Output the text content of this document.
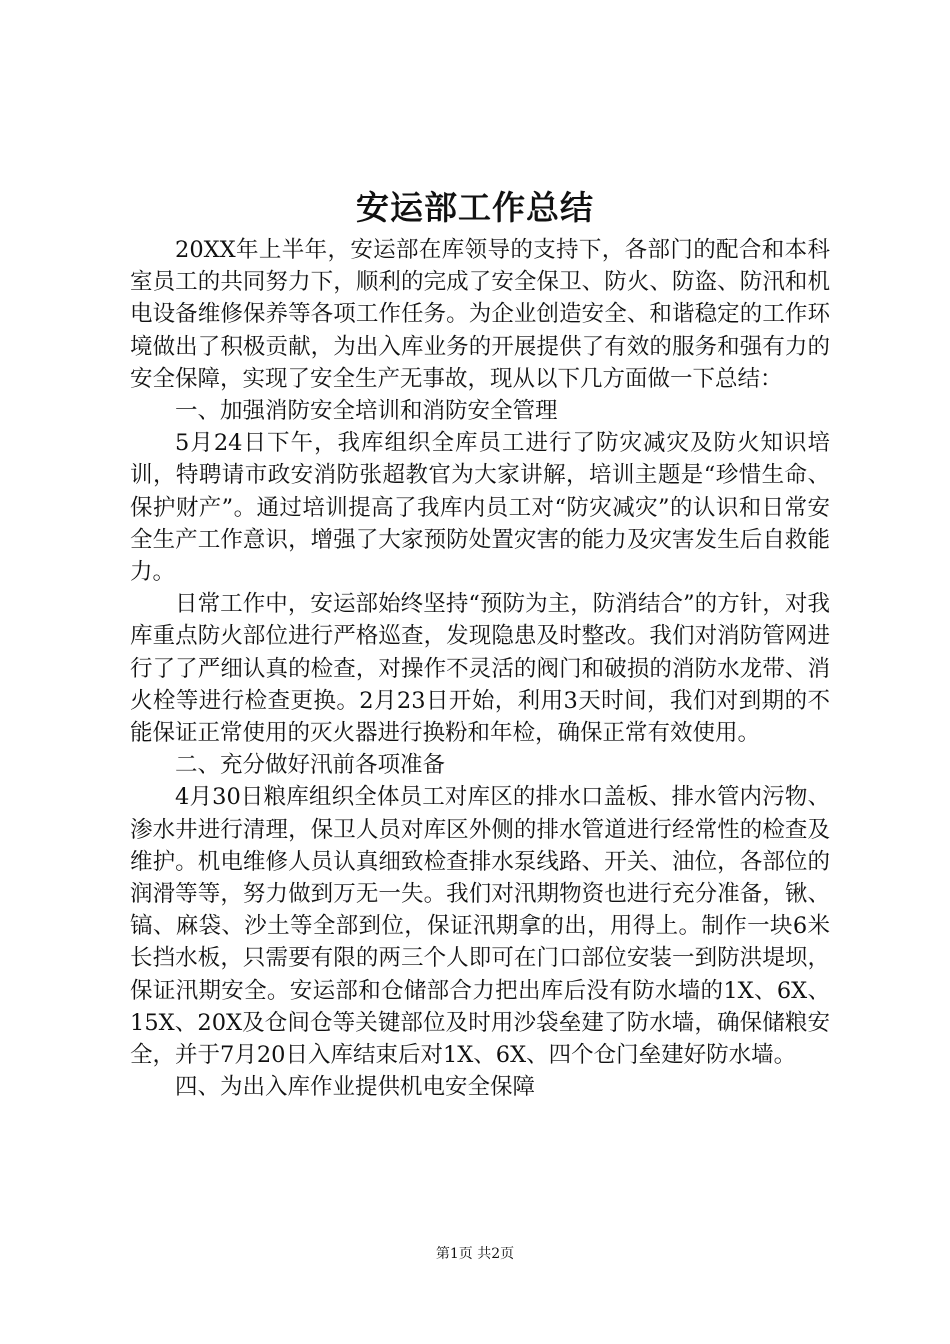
安运部工作总结

20XX年上半年，安运部在库领导的支持下，各部门的配合和本科室员工的共同努力下，顺利的完成了安全保卫、防火、防盗、防汛和机电设备维修保养等各项工作任务。为企业创造安全、和谐稳定的工作环境做出了积极贡献，为出入库业务的开展提供了有效的服务和强有力的安全保障，实现了安全生产无事故，现从以下几方面做一下总结：

一、加强消防安全培训和消防安全管理

5月24日下午，我库组织全库员工进行了防灾减灾及防火知识培训，特聘请市政安消防张超教官为大家讲解，培训主题是“珍惜生命、保护财产”。通过培训提高了我库内员工对“防灾减灾”的认识和日常安全生产工作意识，增强了大家预防处置灾害的能力及灾害发生后自救能力。

日常工作中，安运部始终坚持“预防为主，防消结合”的方针，对我库重点防火部位进行严格巡查，发现隐患及时整改。我们对消防管网进行了了严细认真的检查，对操作不灵活的阀门和破损的消防水龙带、消火栓等进行检查更换。2月23日开始，利用3天时间，我们对到期的不能保证正常使用的灭火器进行换粉和年检，确保正常有效使用。

二、充分做好汛前各项准备

4月30日粮库组织全体员工对库区的排水口盖板、排水管内污物、渗水井进行清理，保卫人员对库区外侧的排水管道进行经常性的检查及维护。机电维修人员认真细致检查排水泵线路、开关、油位，各部位的润滑等等，努力做到万无一失。我们对汛期物资也进行充分准备，锹、镐、麻袋、沙土等全部到位，保证汛期拿的出，用得上。制作一块6米长挡水板，只需要有限的两三个人即可在门口部位安装一到防洪堤坝，保证汛期安全。安运部和仓储部合力把出库后没有防水墙的1X、6X、15X、20X及仓间仓等关键部位及时用沙袋垒建了防水墙，确保储粮安全，并于7月20日入库结束后对1X、6X、四个仓门垒建好防水墙。

四、为出入库作业提供机电安全保障

第1页 共2页
